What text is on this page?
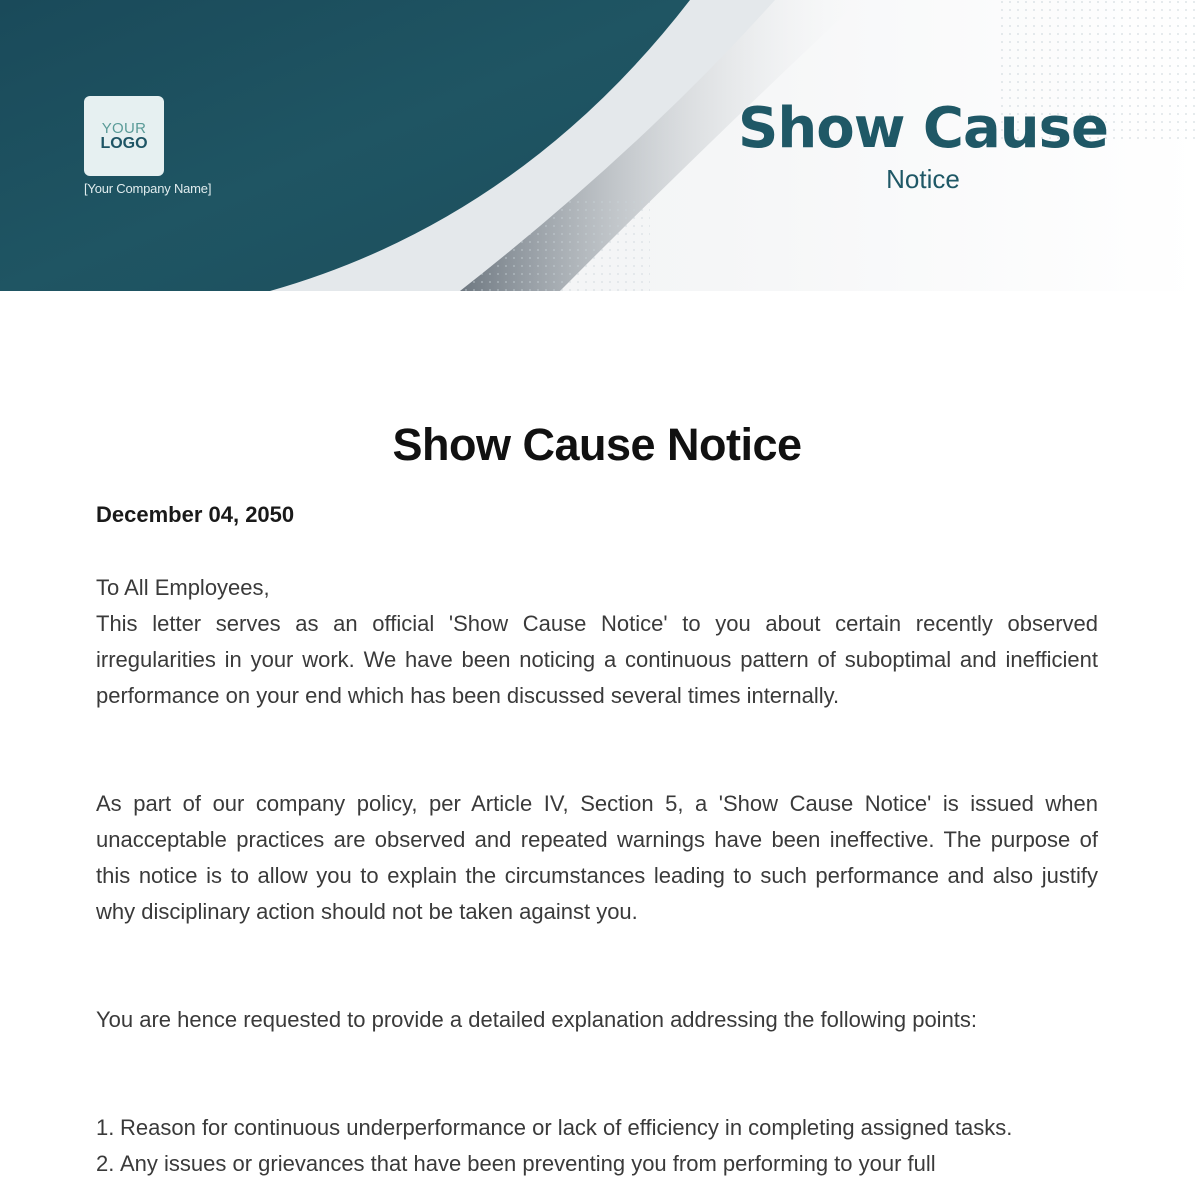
YOUR
LOGO
[Your Company Name]
Show Cause
Notice
Show Cause Notice
December 04, 2050
To All Employees,
This letter serves as an official 'Show Cause Notice' to you about certain recently observed irregularities in your work. We have been noticing a continuous pattern of suboptimal and inefficient performance on your end which has been discussed several times internally.
As part of our company policy, per Article IV, Section 5, a 'Show Cause Notice' is issued when unacceptable practices are observed and repeated warnings have been ineffective. The purpose of this notice is to allow you to explain the circumstances leading to such performance and also justify why disciplinary action should not be taken against you.
You are hence requested to provide a detailed explanation addressing the following points:
1. Reason for continuous underperformance or lack of efficiency in completing assigned tasks.
2. Any issues or grievances that have been preventing you from performing to your full
